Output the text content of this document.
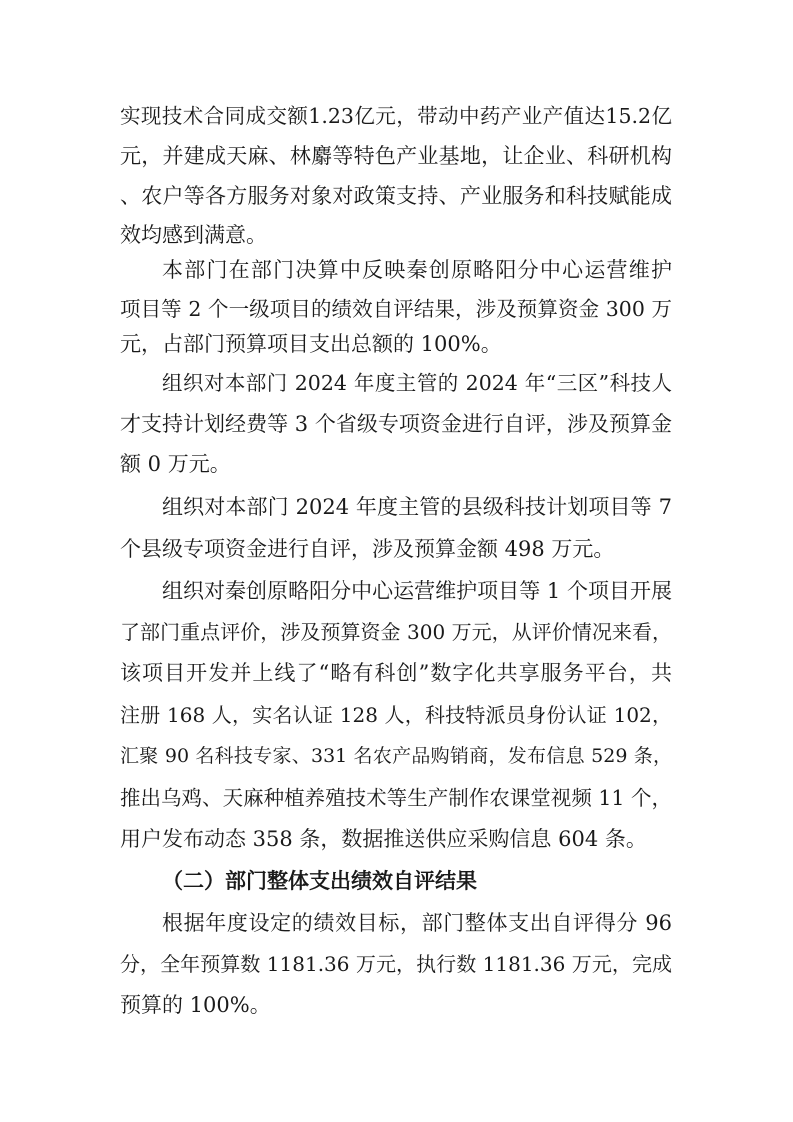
实现技术合同成交额1.23亿元，带动中药产业产值达15.2亿
元，并建成天麻、林麝等特色产业基地，让企业、科研机构
、农户等各方服务对象对政策支持、产业服务和科技赋能成
效均感到满意。
本部门在部门决算中反映秦创原略阳分中心运营维护
项目等 2 个一级项目的绩效自评结果，涉及预算资金 300 万
元，占部门预算项目支出总额的 100%。
组织对本部门 2024 年度主管的 2024 年“三区”科技人
才支持计划经费等 3 个省级专项资金进行自评，涉及预算金
额 0 万元。
组织对本部门 2024 年度主管的县级科技计划项目等 7
个县级专项资金进行自评，涉及预算金额 498 万元。
组织对秦创原略阳分中心运营维护项目等 1 个项目开展
了部门重点评价，涉及预算资金 300 万元，从评价情况来看，
该项目开发并上线了“略有科创”数字化共享服务平台，共
注册 168 人，实名认证 128 人，科技特派员身份认证 102，
汇聚 90 名科技专家、331 名农产品购销商，发布信息 529 条，
推出乌鸡、天麻种植养殖技术等生产制作农课堂视频 11 个，
用户发布动态 358 条，数据推送供应采购信息 604 条。
（二）部门整体支出绩效自评结果
根据年度设定的绩效目标，部门整体支出自评得分 96
分，全年预算数 1181.36 万元，执行数 1181.36 万元，完成
预算的 100%。
